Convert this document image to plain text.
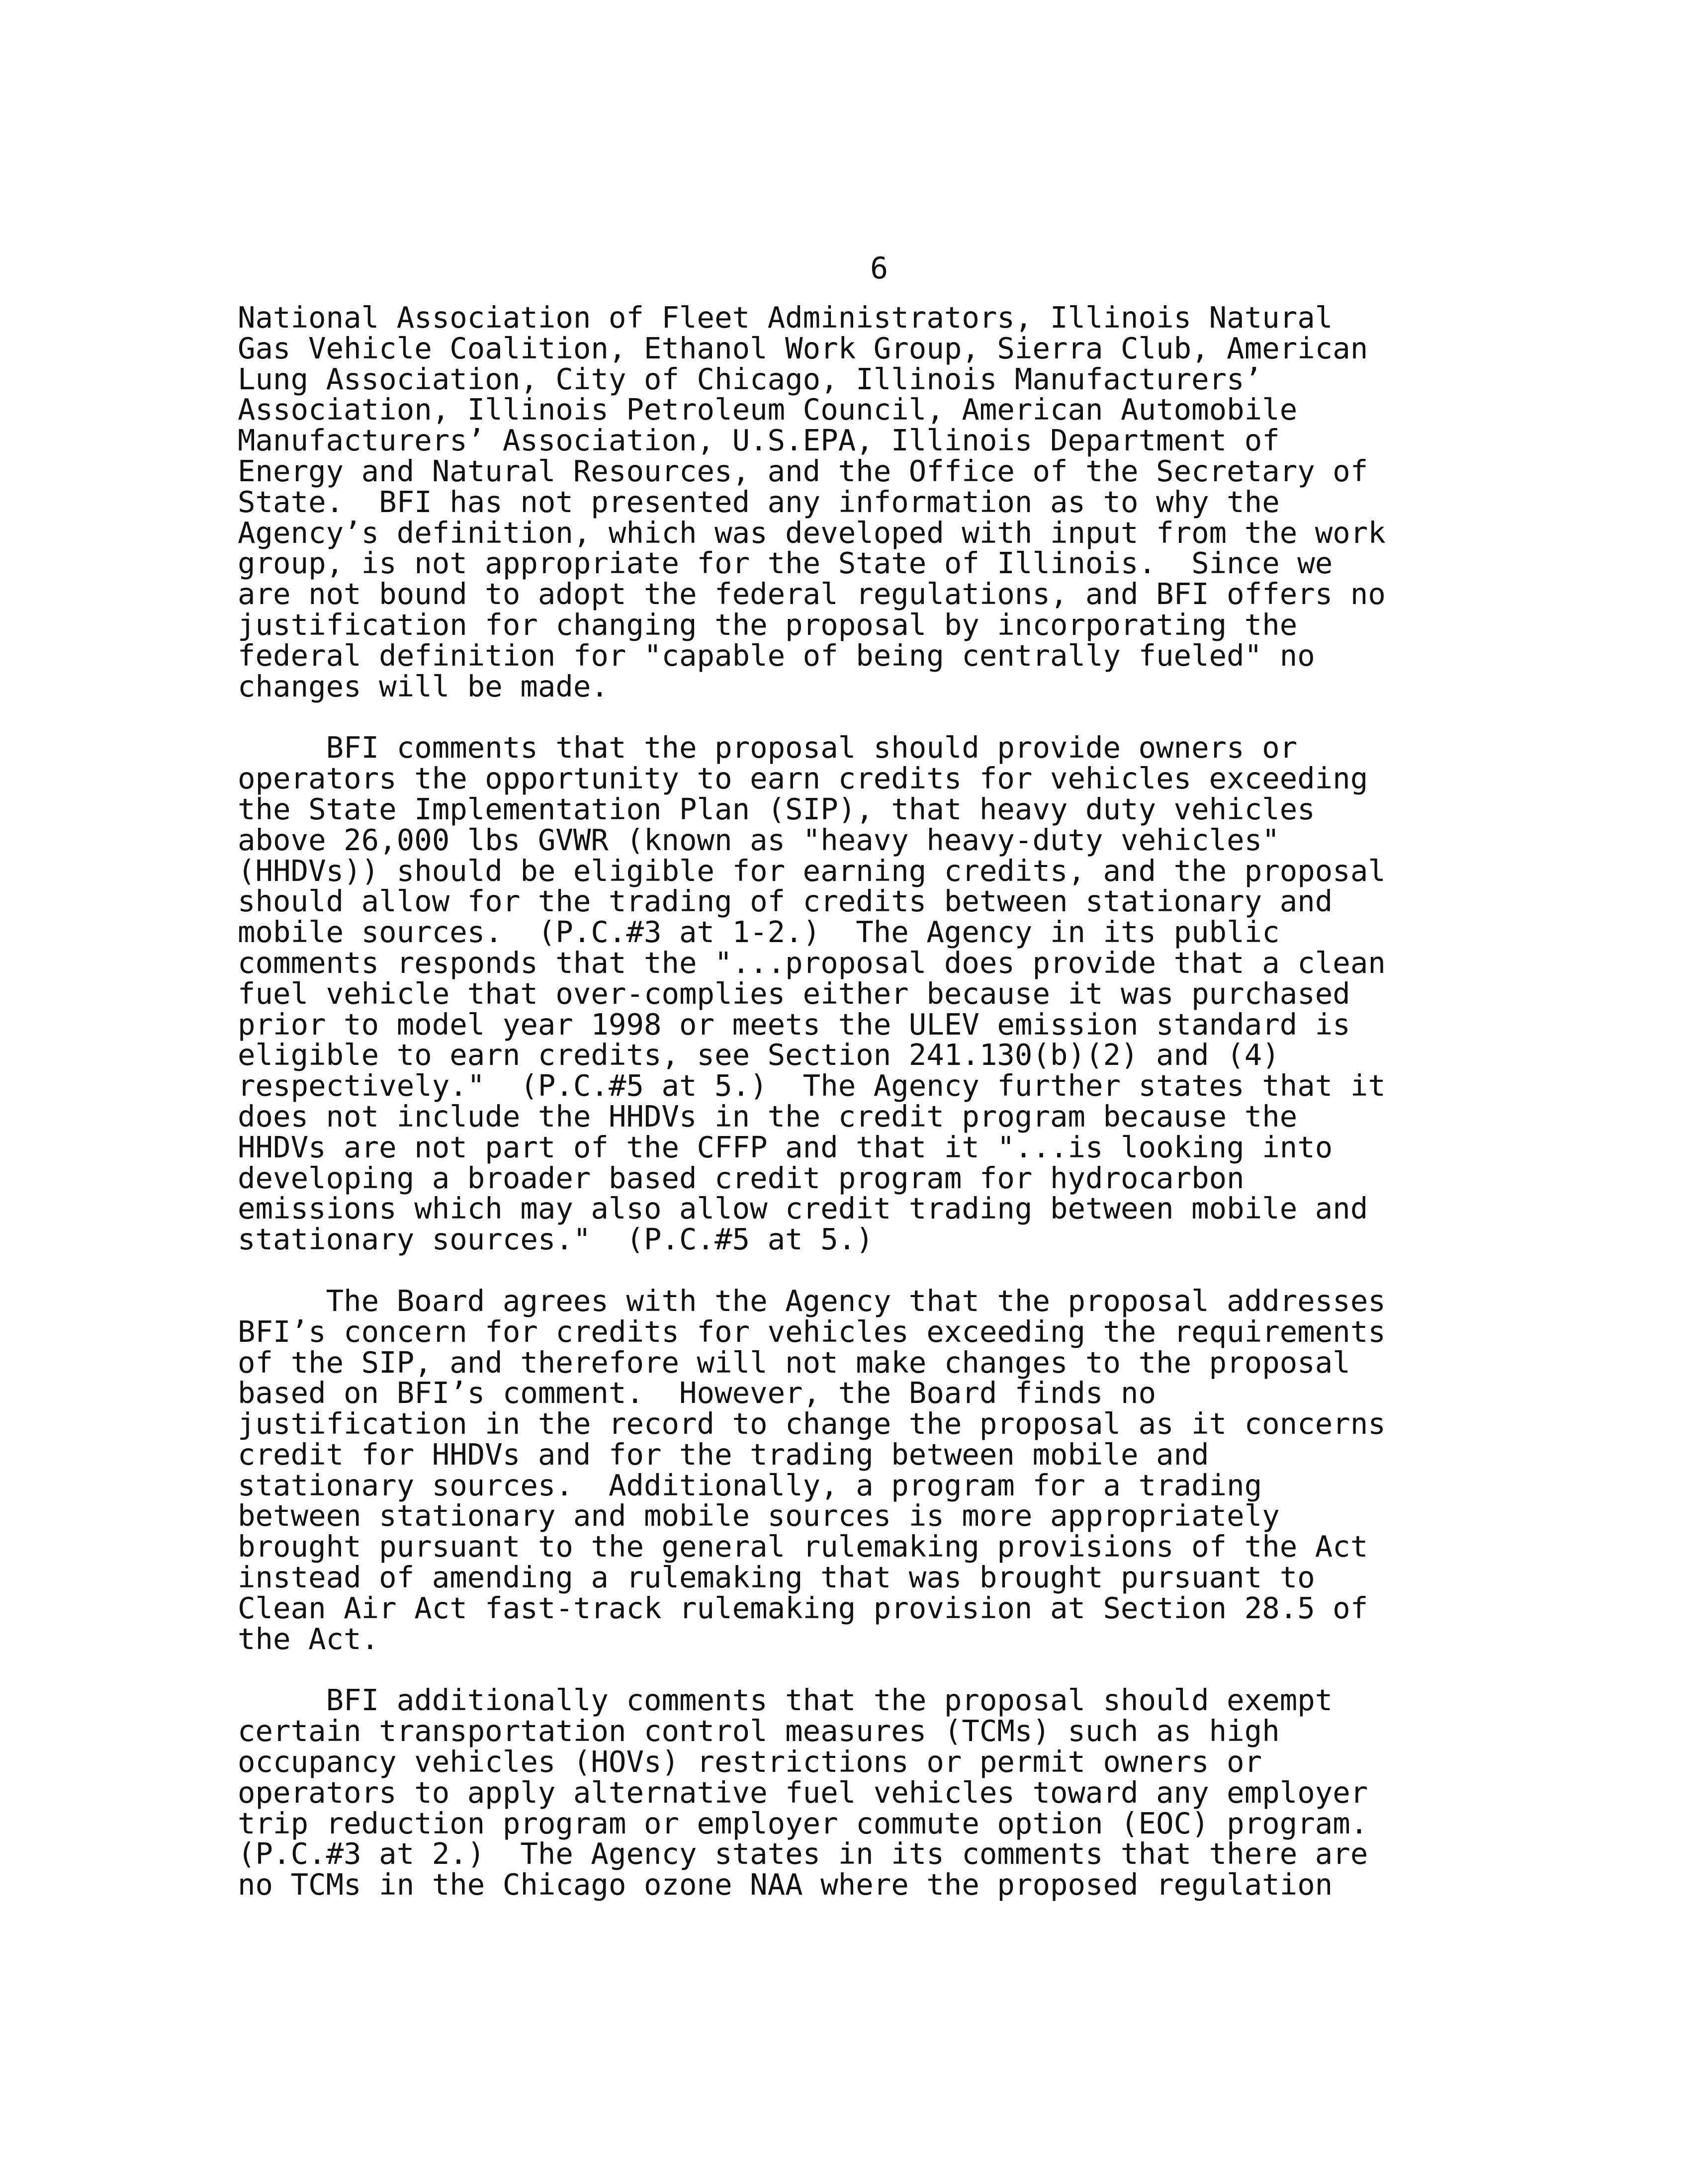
6
National Association of Fleet Administrators, Illinois Natural
Gas Vehicle Coalition, Ethanol Work Group, Sierra Club, American
Lung Association, City of Chicago, Illinois Manufacturers’
Association, Illinois Petroleum Council, American Automobile
Manufacturers’ Association, U.S.EPA, Illinois Department of
Energy and Natural Resources, and the Office of the Secretary of
State.  BFI has not presented any information as to why the
Agency’s definition, which was developed with input from the work
group, is not appropriate for the State of Illinois.  Since we
are not bound to adopt the federal regulations, and BFI offers no
justification for changing the proposal by incorporating the
federal definition for "capable of being centrally fueled" no
changes will be made.
BFI comments that the proposal should provide owners or
operators the opportunity to earn credits for vehicles exceeding
the State Implementation Plan (SIP), that heavy duty vehicles
above 26,000 lbs GVWR (known as "heavy heavy-duty vehicles"
(HHDVs)) should be eligible for earning credits, and the proposal
should allow for the trading of credits between stationary and
mobile sources.  (P.C.#3 at 1-2.)  The Agency in its public
comments responds that the "...proposal does provide that a clean
fuel vehicle that over-complies either because it was purchased
prior to model year 1998 or meets the ULEV emission standard is
eligible to earn credits, see Section 241.130(b)(2) and (4)
respectively."  (P.C.#5 at 5.)  The Agency further states that it
does not include the HHDVs in the credit program because the
HHDVs are not part of the CFFP and that it "...is looking into
developing a broader based credit program for hydrocarbon
emissions which may also allow credit trading between mobile and
stationary sources."  (P.C.#5 at 5.)
The Board agrees with the Agency that the proposal addresses
BFI’s concern for credits for vehicles exceeding the requirements
of the SIP, and therefore will not make changes to the proposal
based on BFI’s comment.  However, the Board finds no
justification in the record to change the proposal as it concerns
credit for HHDVs and for the trading between mobile and
stationary sources.  Additionally, a program for a trading
between stationary and mobile sources is more appropriately
brought pursuant to the general rulemaking provisions of the Act
instead of amending a rulemaking that was brought pursuant to
Clean Air Act fast-track rulemaking provision at Section 28.5 of
the Act.
BFI additionally comments that the proposal should exempt
certain transportation control measures (TCMs) such as high
occupancy vehicles (HOVs) restrictions or permit owners or
operators to apply alternative fuel vehicles toward any employer
trip reduction program or employer commute option (EOC) program.
(P.C.#3 at 2.)  The Agency states in its comments that there are
no TCMs in the Chicago ozone NAA where the proposed regulation
